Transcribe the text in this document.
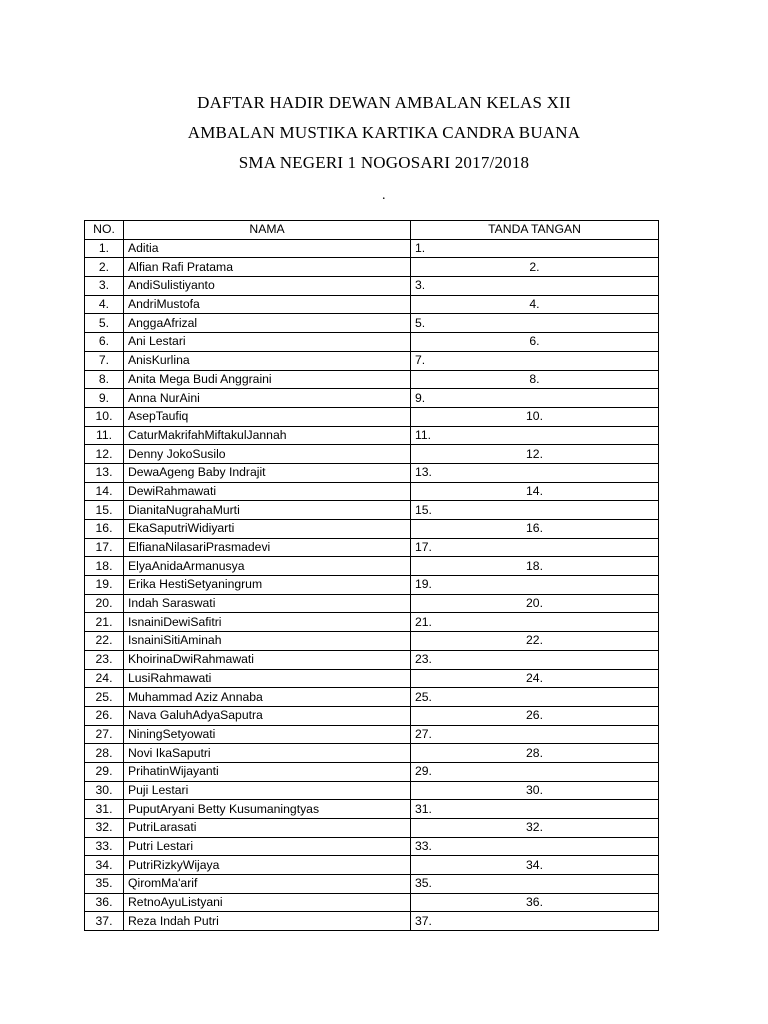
DAFTAR HADIR DEWAN AMBALAN KELAS XII

AMBALAN MUSTIKA KARTIKA CANDRA BUANA

SMA NEGERI 1 NOGOSARI 2017/2018

.
NO.	NAMA	TANDA TANGAN
1.	Aditia	1.
2.	Alfian Rafi Pratama	2.
3.	AndiSulistiyanto	3.
4.	AndriMustofa	4.
5.	AnggaAfrizal	5.
6.	Ani Lestari	6.
7.	AnisKurlina	7.
8.	Anita Mega Budi Anggraini	8.
9.	Anna NurAini	9.
10.	AsepTaufiq	10.
11.	CaturMakrifahMiftakulJannah	11.
12.	Denny JokoSusilo	12.
13.	DewaAgeng Baby Indrajit	13.
14.	DewiRahmawati	14.
15.	DianitaNugrahaMurti	15.
16.	EkaSaputriWidiyarti	16.
17.	ElfianaNilasariPrasmadevi	17.
18.	ElyaAnidaArmanusya	18.
19.	Erika HestiSetyaningrum	19.
20.	Indah Saraswati	20.
21.	IsnainiDewiSafitri	21.
22.	IsnainiSitiAminah	22.
23.	KhoirinaDwiRahmawati	23.
24.	LusiRahmawati	24.
25.	Muhammad Aziz Annaba	25.
26.	Nava GaluhAdyaSaputra	26.
27.	NiningSetyowati	27.
28.	Novi IkaSaputri	28.
29.	PrihatinWijayanti	29.
30.	Puji Lestari	30.
31.	PuputAryani Betty Kusumaningtyas	31.
32.	PutriLarasati	32.
33.	Putri Lestari	33.
34.	PutriRizkyWijaya	34.
35.	QiromMa'arif	35.
36.	RetnoAyuListyani	36.
37.	Reza Indah Putri	37.
